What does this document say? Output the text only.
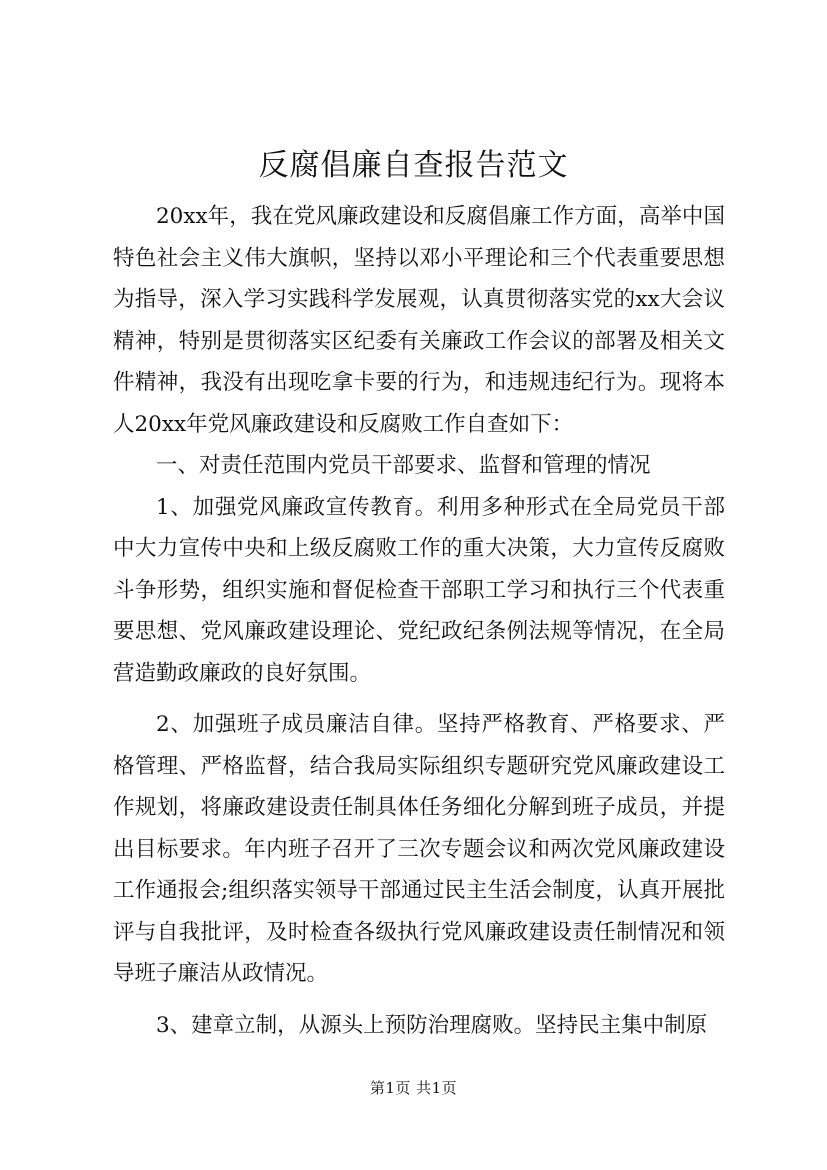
反腐倡廉自查报告范文

20xx年，我在党风廉政建设和反腐倡廉工作方面，高举中国特色社会主义伟大旗帜，坚持以邓小平理论和三个代表重要思想为指导，深入学习实践科学发展观，认真贯彻落实党的xx大会议精神，特别是贯彻落实区纪委有关廉政工作会议的部署及相关文件精神，我没有出现吃拿卡要的行为，和违规违纪行为。现将本人20xx年党风廉政建设和反腐败工作自查如下：

一、对责任范围内党员干部要求、监督和管理的情况

1、加强党风廉政宣传教育。利用多种形式在全局党员干部中大力宣传中央和上级反腐败工作的重大决策，大力宣传反腐败斗争形势，组织实施和督促检查干部职工学习和执行三个代表重要思想、党风廉政建设理论、党纪政纪条例法规等情况，在全局营造勤政廉政的良好氛围。

2、加强班子成员廉洁自律。坚持严格教育、严格要求、严格管理、严格监督，结合我局实际组织专题研究党风廉政建设工作规划，将廉政建设责任制具体任务细化分解到班子成员，并提出目标要求。年内班子召开了三次专题会议和两次党风廉政建设工作通报会;组织落实领导干部通过民主生活会制度，认真开展批评与自我批评，及时检查各级执行党风廉政建设责任制情况和领导班子廉洁从政情况。

3、建章立制，从源头上预防治理腐败。坚持民主集中制原

第1页 共1页
